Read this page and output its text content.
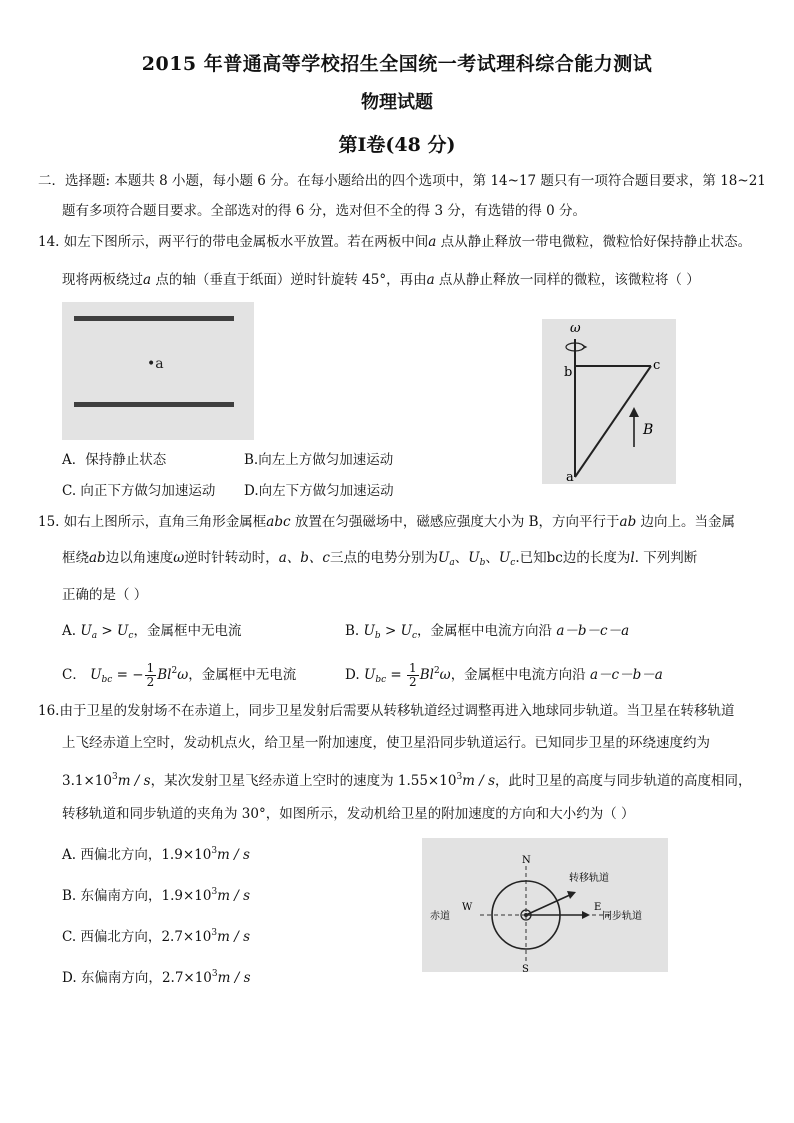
2015 年普通高等学校招生全国统一考试理科综合能力测试
物理试题
第Ⅰ卷(48 分)
二．选择题: 本题共 8 小题，每小题 6 分。在每小题给出的四个选项中，第 14~17 题只有一项符合题目要求，第 18~21
题有多项符合题目要求。全部选对的得 6 分，选对但不全的得 3 分，有选错的得 0 分。
14. 如左下图所示，两平行的带电金属板水平放置。若在两板中间a 点从静止释放一带电微粒，微粒恰好保持静止状态。
现将两板绕过a 点的轴（垂直于纸面）逆时针旋转 45°，再由a 点从静止释放一同样的微粒，该微粒将（ ）
•a
A．保持静止状态	B.向左上方做匀加速运动
C. 向正下方做匀加速运动 D.向左下方做匀加速运动
ω
b	c
a
B
15. 如右上图所示，直角三角形金属框abc 放置在匀强磁场中，磁感应强度大小为 B，方向平行于ab 边向上。当金属
框绕ab边以角速度ω逆时针转动时，a、b、c三点的电势分别为$U_a$、$U_b$、$U_c$.已知bc边的长度为l. 下列判断
正确的是（ ）
A. $U_a > U_c$，金属框中无电流	B. $U_b > U_c$，金属框中电流方向沿 a－b－c－a
C． $U_{bc}$ = − $\frac{1}{2} Bl^2\omega$，金属框中无电流	D. $U_{bc} = \frac{1}{2} Bl^2\omega$，金属框中电流方向沿 a－c－b－a
16.由于卫星的发射场不在赤道上，同步卫星发射后需要从转移轨道经过调整再进入地球同步轨道。当卫星在转移轨道
上飞经赤道上空时，发动机点火，给卫星一附加速度，使卫星沿同步轨道运行。已知同步卫星的环绕速度约为
$3.1\times 10^3m / s$，某次发射卫星飞经赤道上空时的速度为 $1.55\times 10^3m / s$，此时卫星的高度与同步轨道的高度相同，
转移轨道和同步轨道的夹角为 30°，如图所示，发动机给卫星的附加速度的方向和大小约为（ ）
A. 西偏北方向，$1.9\times 10^3m / s$
B. 东偏南方向，$1.9\times 10^3m / s$
C. 西偏北方向，$2.7\times 10^3m / s$
D. 东偏南方向，$2.7\times 10^3m / s$
N
S
E
W
赤道
转移轨道
同步轨道
